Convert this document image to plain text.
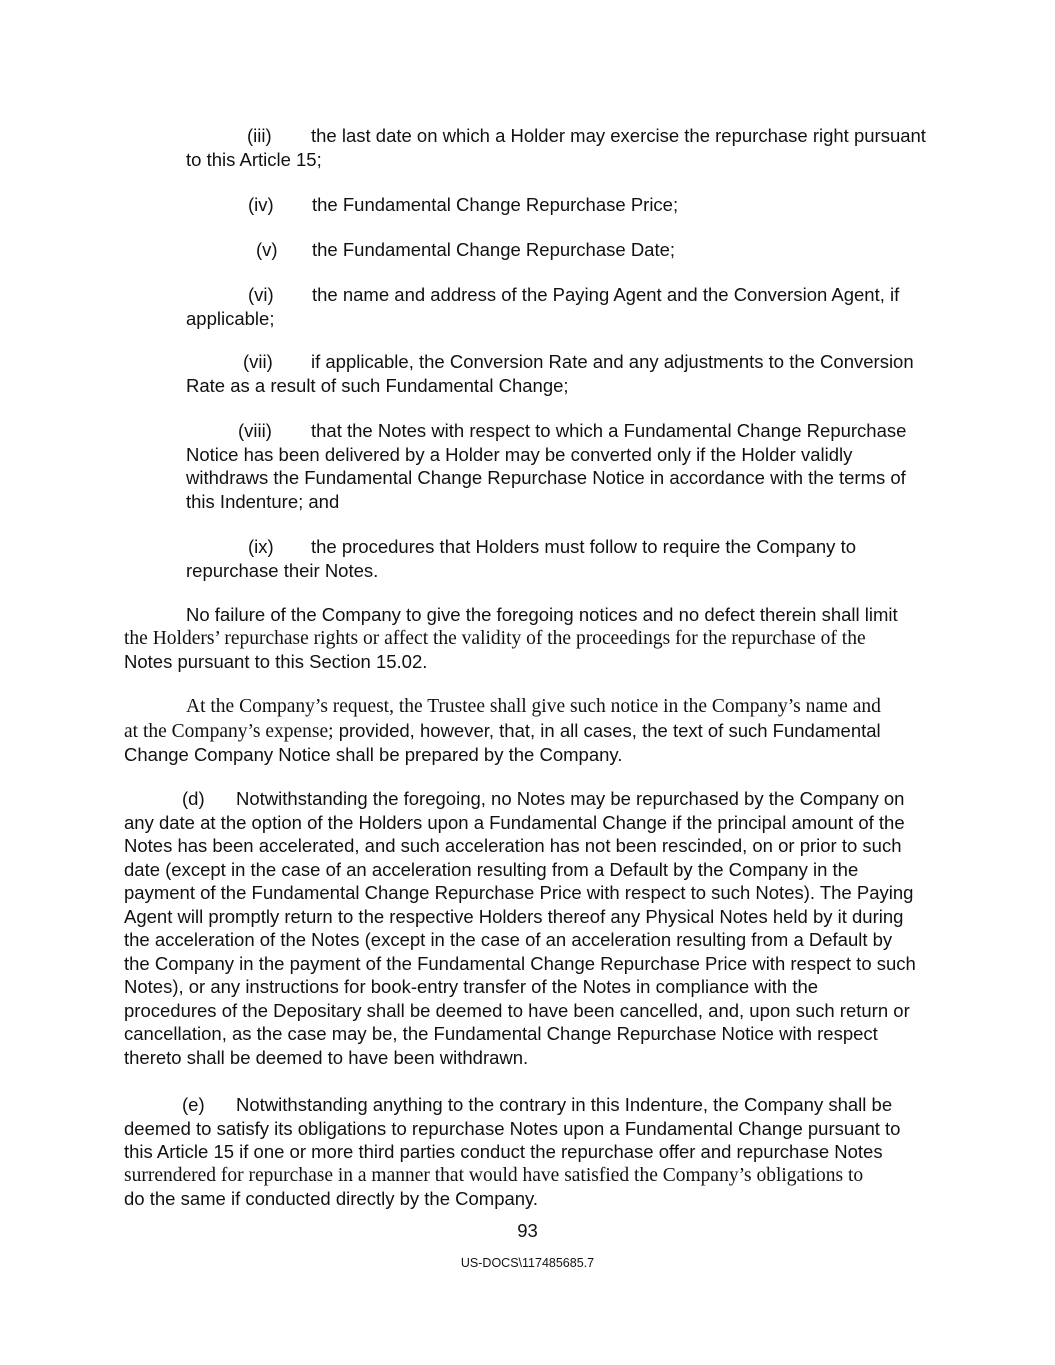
(iii) the last date on which a Holder may exercise the repurchase right pursuant
to this Article 15;
(iv) the Fundamental Change Repurchase Price;
(v) the Fundamental Change Repurchase Date;
(vi) the name and address of the Paying Agent and the Conversion Agent, if
applicable;
(vii) if applicable, the Conversion Rate and any adjustments to the Conversion
Rate as a result of such Fundamental Change;
(viii) that the Notes with respect to which a Fundamental Change Repurchase
Notice has been delivered by a Holder may be converted only if the Holder validly
withdraws the Fundamental Change Repurchase Notice in accordance with the terms of
this Indenture; and
(ix) the procedures that Holders must follow to require the Company to
repurchase their Notes.
No failure of the Company to give the foregoing notices and no defect therein shall limit
the Holders’ repurchase rights or affect the validity of the proceedings for the repurchase of the
Notes pursuant to this Section 15.02.
At the Company’s request, the Trustee shall give such notice in the Company’s name and
at the Company’s expense; provided, however, that, in all cases, the text of such Fundamental
Change Company Notice shall be prepared by the Company.
(d) Notwithstanding the foregoing, no Notes may be repurchased by the Company on
any date at the option of the Holders upon a Fundamental Change if the principal amount of the
Notes has been accelerated, and such acceleration has not been rescinded, on or prior to such
date (except in the case of an acceleration resulting from a Default by the Company in the
payment of the Fundamental Change Repurchase Price with respect to such Notes). The Paying
Agent will promptly return to the respective Holders thereof any Physical Notes held by it during
the acceleration of the Notes (except in the case of an acceleration resulting from a Default by
the Company in the payment of the Fundamental Change Repurchase Price with respect to such
Notes), or any instructions for book-entry transfer of the Notes in compliance with the
procedures of the Depositary shall be deemed to have been cancelled, and, upon such return or
cancellation, as the case may be, the Fundamental Change Repurchase Notice with respect
thereto shall be deemed to have been withdrawn.
(e) Notwithstanding anything to the contrary in this Indenture, the Company shall be
deemed to satisfy its obligations to repurchase Notes upon a Fundamental Change pursuant to
this Article 15 if one or more third parties conduct the repurchase offer and repurchase Notes
surrendered for repurchase in a manner that would have satisfied the Company’s obligations to
do the same if conducted directly by the Company.
93
US-DOCS\117485685.7
